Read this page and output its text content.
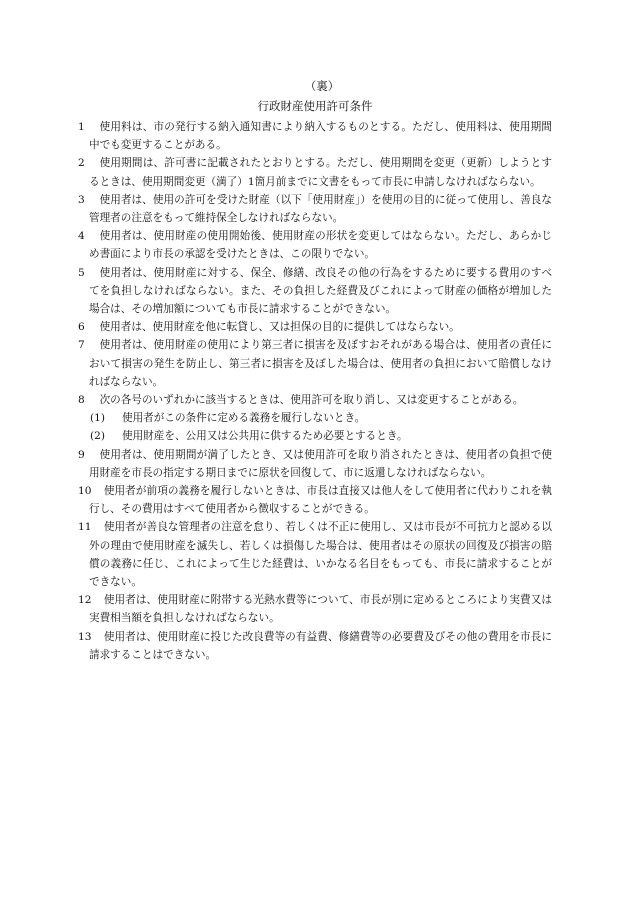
（裏）
行政財産使用許可条件

1	使用料は、市の発行する納入通知書により納入するものとする。ただし、使用料は、使用期間中でも変更することがある。

2	使用期間は、許可書に記載されたとおりとする。ただし、使用期間を変更（更新）しようとするときは、使用期間変更（満了）1箇月前までに文書をもって市長に申請しなければならない。

3	使用者は、使用の許可を受けた財産（以下「使用財産」）を使用の目的に従って使用し、善良な管理者の注意をもって維持保全しなければならない。

4	使用者は、使用財産の使用開始後、使用財産の形状を変更してはならない。ただし、あらかじめ書面により市長の承認を受けたときは、この限りでない。

5	使用者は、使用財産に対する、保全、修繕、改良その他の行為をするために要する費用のすべてを負担しなければならない。また、その負担した経費及びこれによって財産の価格が増加した場合は、その増加額についても市長に請求することができない。

6	使用者は、使用財産を他に転貸し、又は担保の目的に提供してはならない。

7	使用者は、使用財産の使用により第三者に損害を及ぼすおそれがある場合は、使用者の責任において損害の発生を防止し、第三者に損害を及ぼした場合は、使用者の負担において賠償しなければならない。

8	次の各号のいずれかに該当するときは、使用許可を取り消し、又は変更することがある。

(1) 使用者がこの条件に定める義務を履行しないとき。

(2) 使用財産を、公用又は公共用に供するため必要とするとき。

9	使用者は、使用期間が満了したとき、又は使用許可を取り消されたときは、使用者の負担で使用財産を市長の指定する期日までに原状を回復して、市に返還しなければならない。

10	使用者が前項の義務を履行しないときは、市長は直接又は他人をして使用者に代わりこれを執行し、その費用はすべて使用者から徴収することができる。

11	使用者が善良な管理者の注意を怠り、若しくは不正に使用し、又は市長が不可抗力と認める以外の理由で使用財産を滅失し、若しくは損傷した場合は、使用者はその原状の回復及び損害の賠償の義務に任じ、これによって生じた経費は、いかなる名目をもっても、市長に請求することができない。

12	使用者は、使用財産に附帯する光熱水費等について、市長が別に定めるところにより実費又は実費相当額を負担しなければならない。

13	使用者は、使用財産に投じた改良費等の有益費、修繕費等の必要費及びその他の費用を市長に請求することはできない。
